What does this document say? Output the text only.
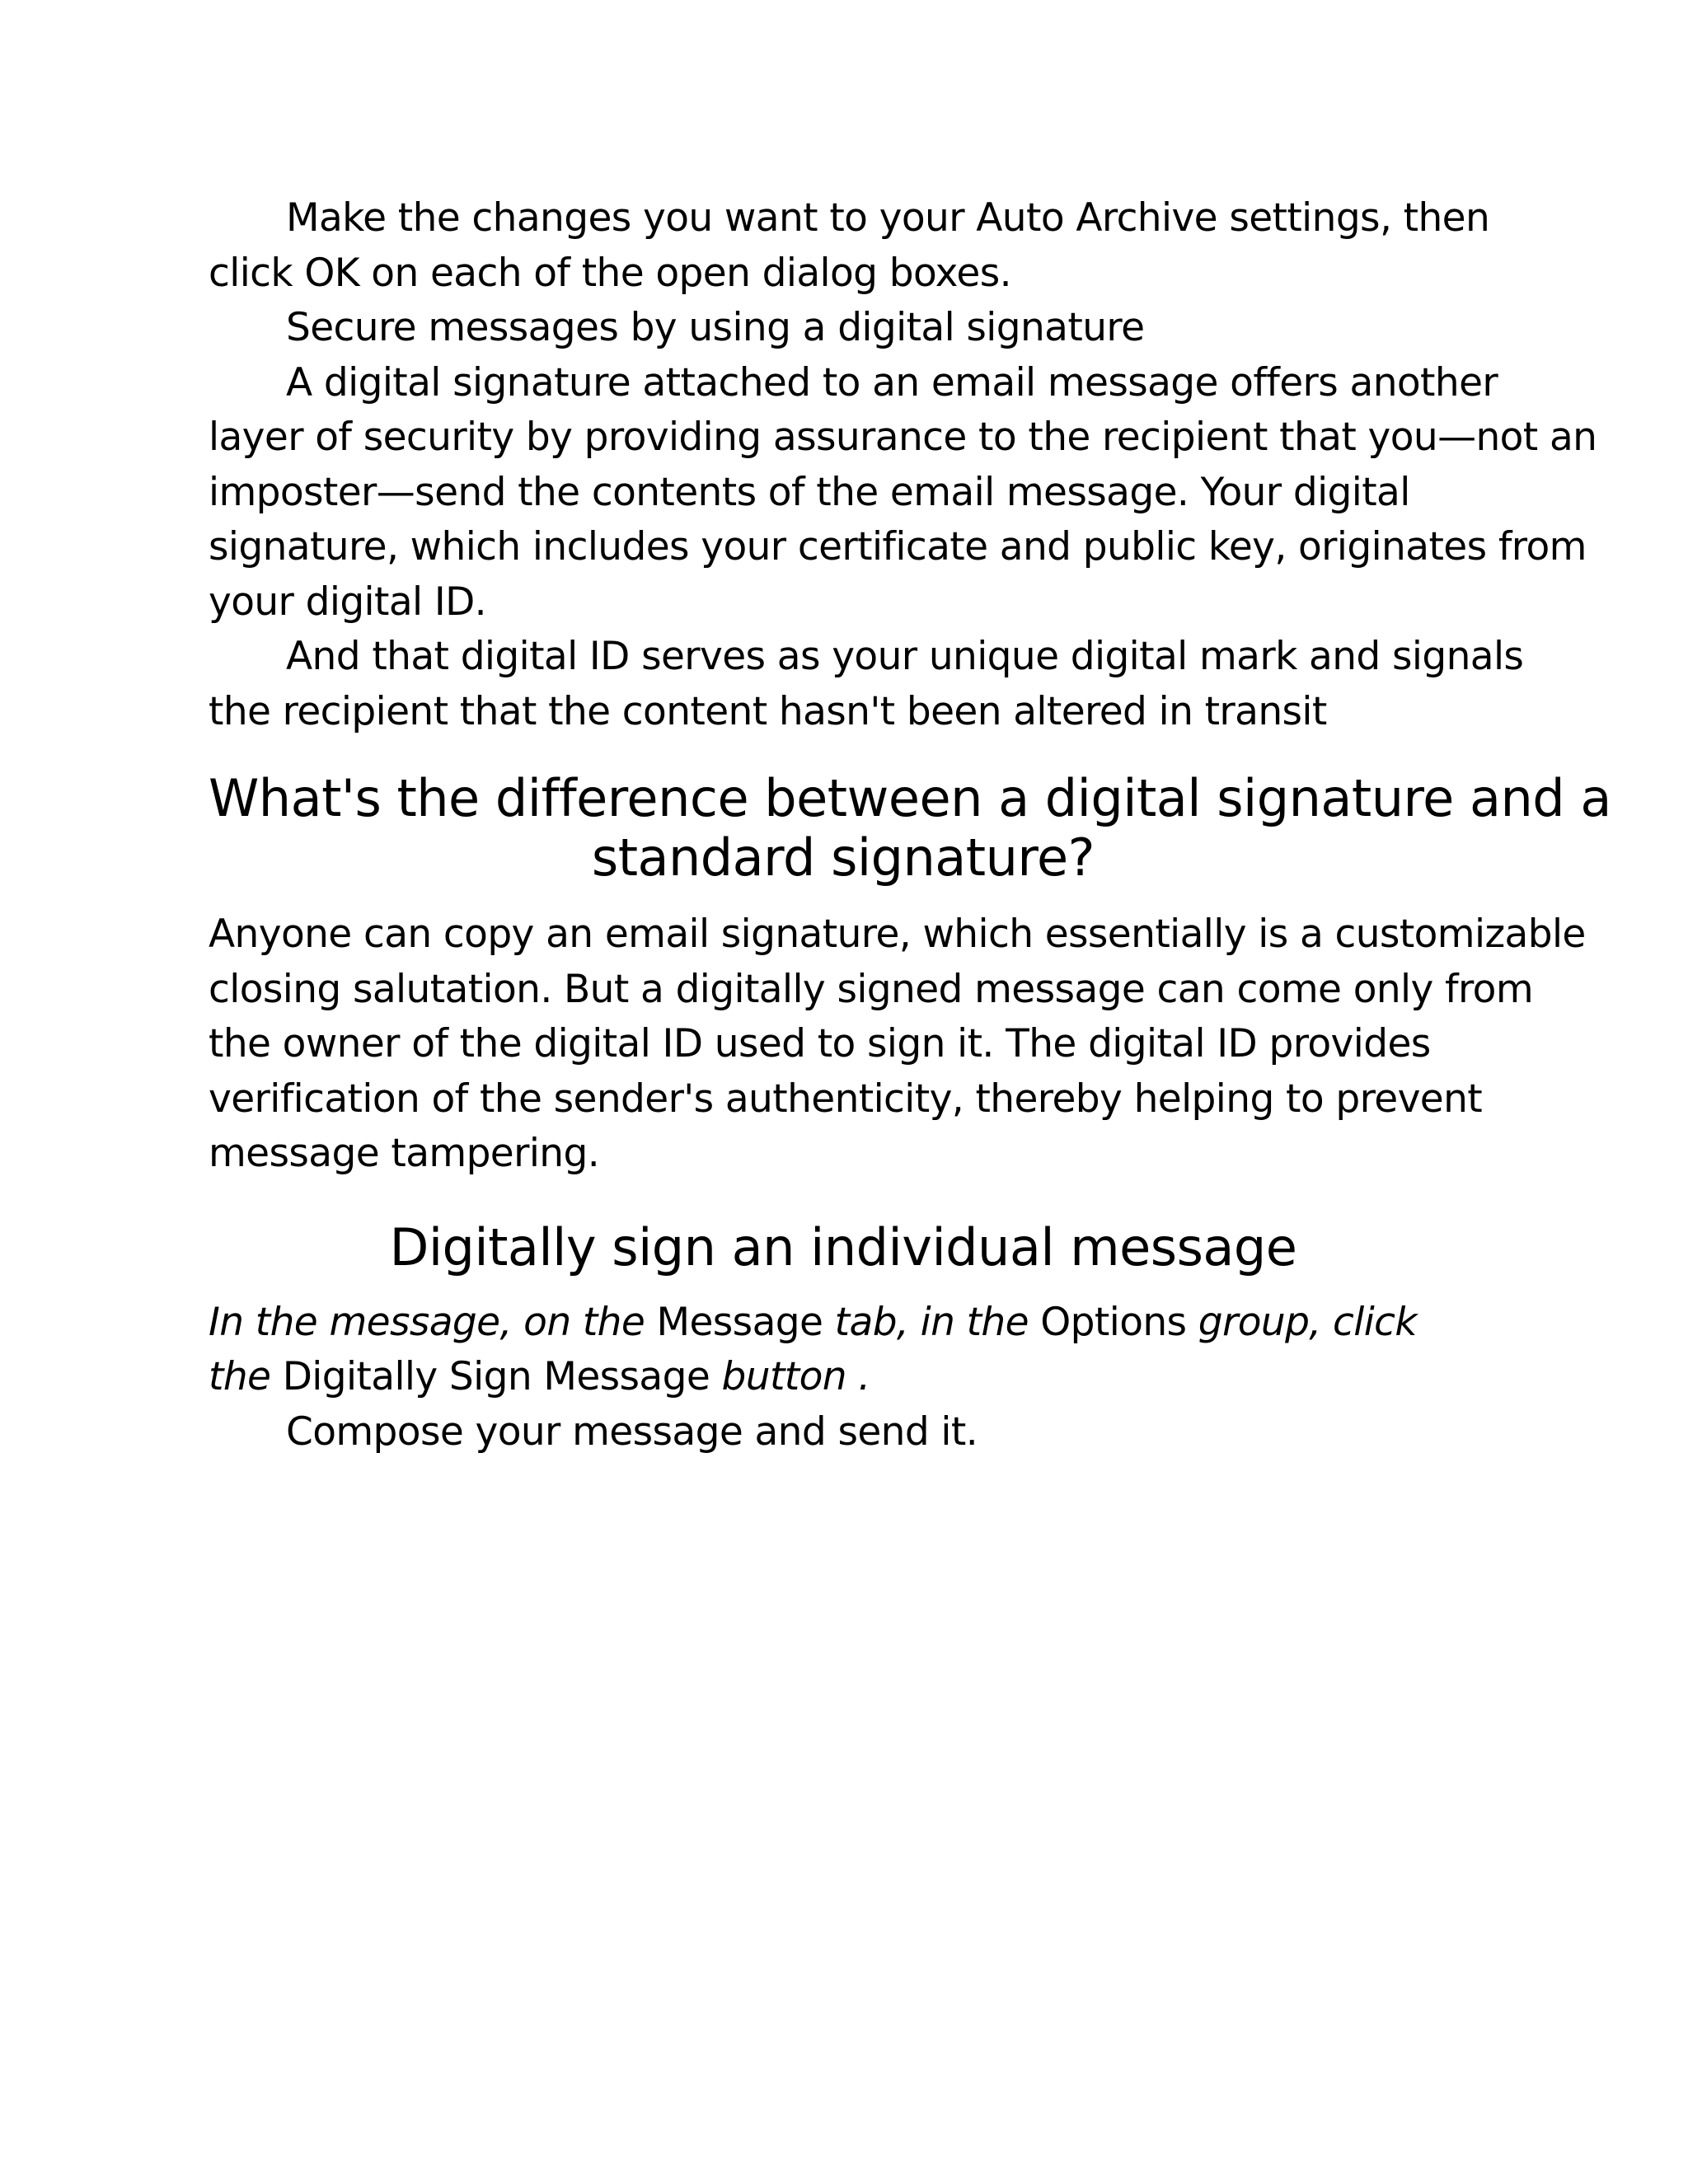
Make the changes you want to your Auto Archive settings, then
click OK on each of the open dialog boxes.

Secure messages by using a digital signature

A digital signature attached to an email message offers another
layer of security by providing assurance to the recipient that you—not an
imposter—send the contents of the email message. Your digital
signature, which includes your certificate and public key, originates from
your digital ID.

And that digital ID serves as your unique digital mark and signals
the recipient that the content hasn't been altered in transit

What's the difference between a digital signature and a
standard signature?

Anyone can copy an email signature, which essentially is a customizable
closing salutation. But a digitally signed message can come only from
the owner of the digital ID used to sign it. The digital ID provides
verification of the sender's authenticity, thereby helping to prevent
message tampering.

Digitally sign an individual message

In the message, on the Message tab, in the Options group, click
the Digitally Sign Message button .

Compose your message and send it.
